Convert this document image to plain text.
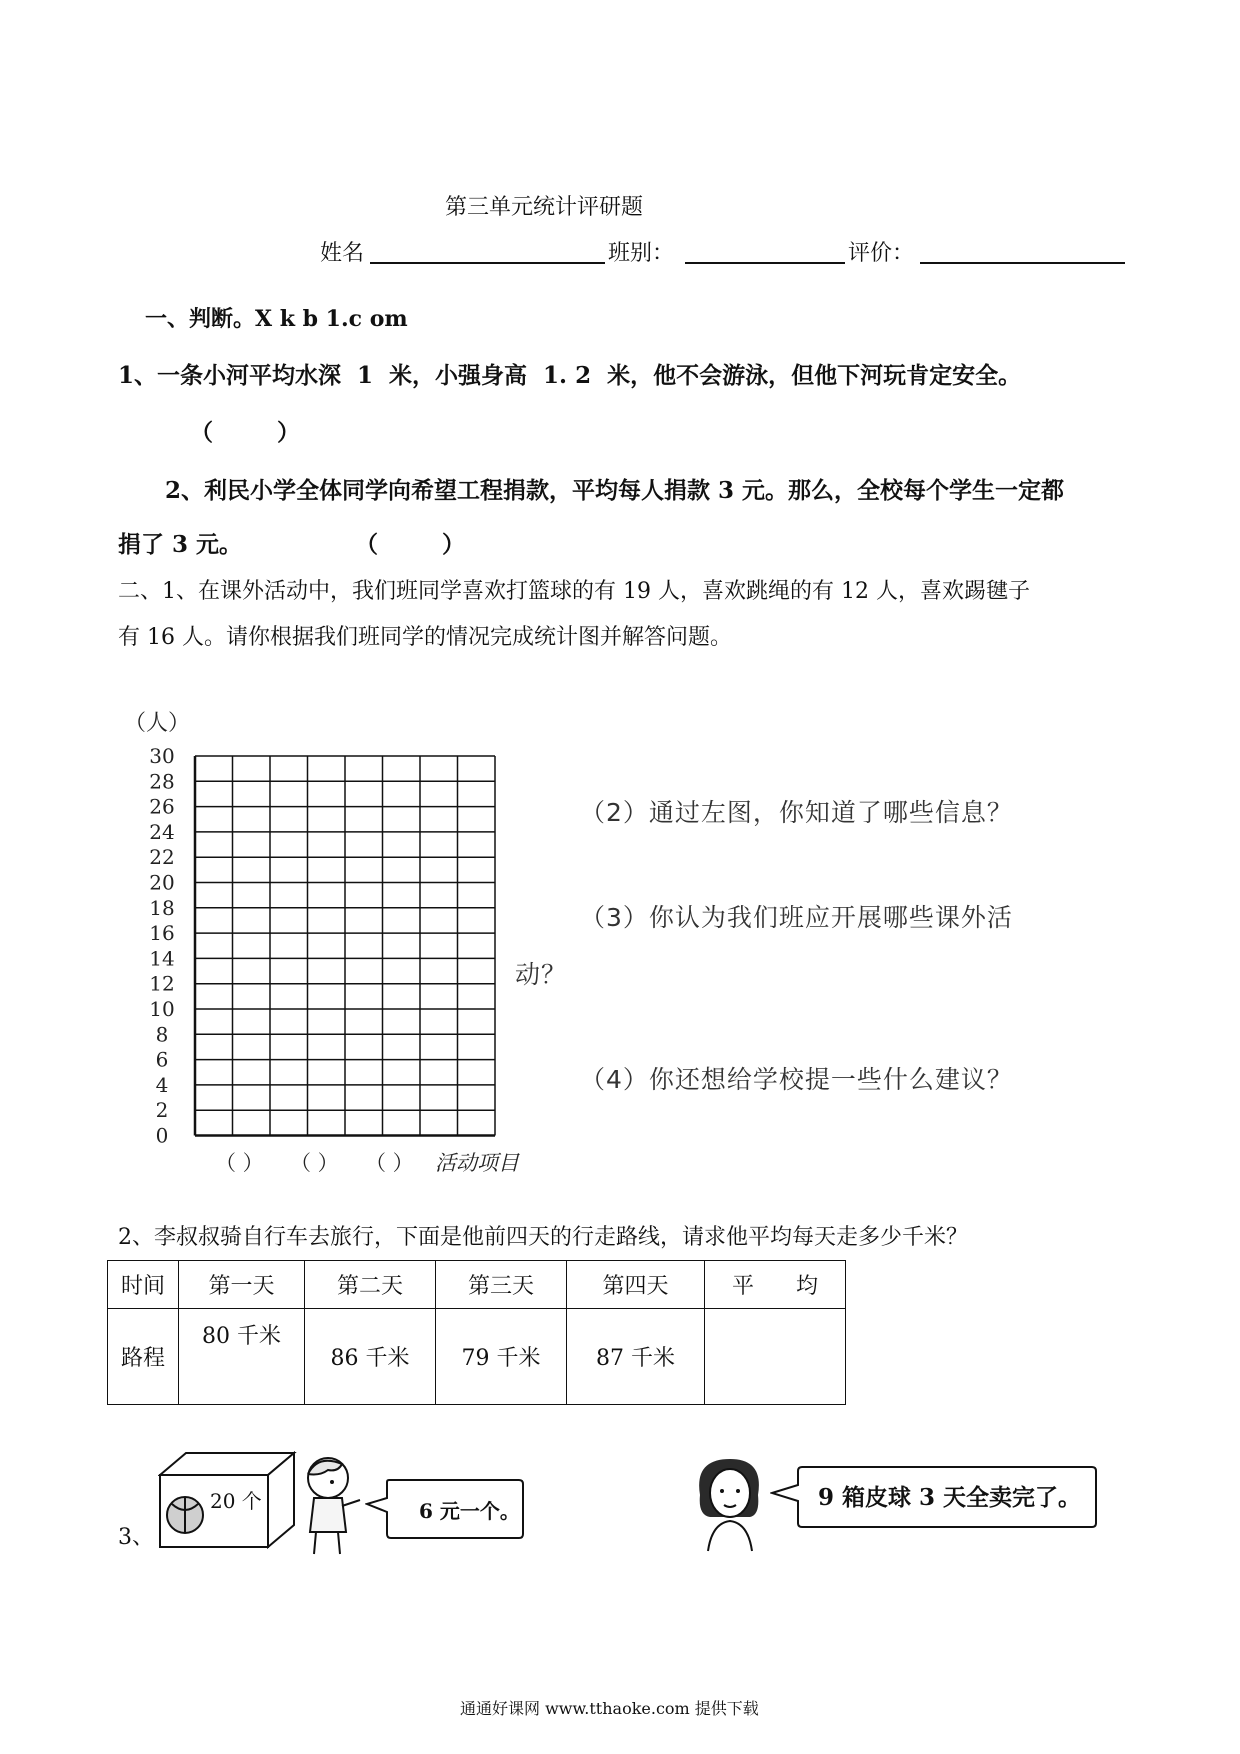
第三单元统计评研题
姓名	班别：	评价：
一、判断。X k b 1.c om
1、一条小河平均水深  1  米，小强身高  1. 2  米，他不会游泳，但他下河玩肯定安全。
（        ）
2、利民小学全体同学向希望工程捐款，平均每人捐款 3 元。那么，全校每个学生一定都
捐了 3 元。	（        ）
二、1、在课外活动中，我们班同学喜欢打篮球的有 19 人，喜欢跳绳的有 12 人，喜欢踢毽子
有 16 人。请你根据我们班同学的情况完成统计图并解答问题。
（人）
30
28
26
24
22
20
18
16
14
12
10
8
6
4
2
0
（ ） （ ） （ ） 活动项目
（2）通过左图，你知道了哪些信息？
（3）你认为我们班应开展哪些课外活
动？
（4）你还想给学校提一些什么建议？
2、李叔叔骑自行车去旅行，下面是他前四天的行走路线，请求他平均每天走多少千米？
时间	第一天	第二天	第三天	第四天	平      均
路程	80 千米	86 千米	79 千米	87 千米	
3、
20 个	6 元一个。	9 箱皮球 3 天全卖完了。
通通好课网 www.tthaoke.com 提供下载
